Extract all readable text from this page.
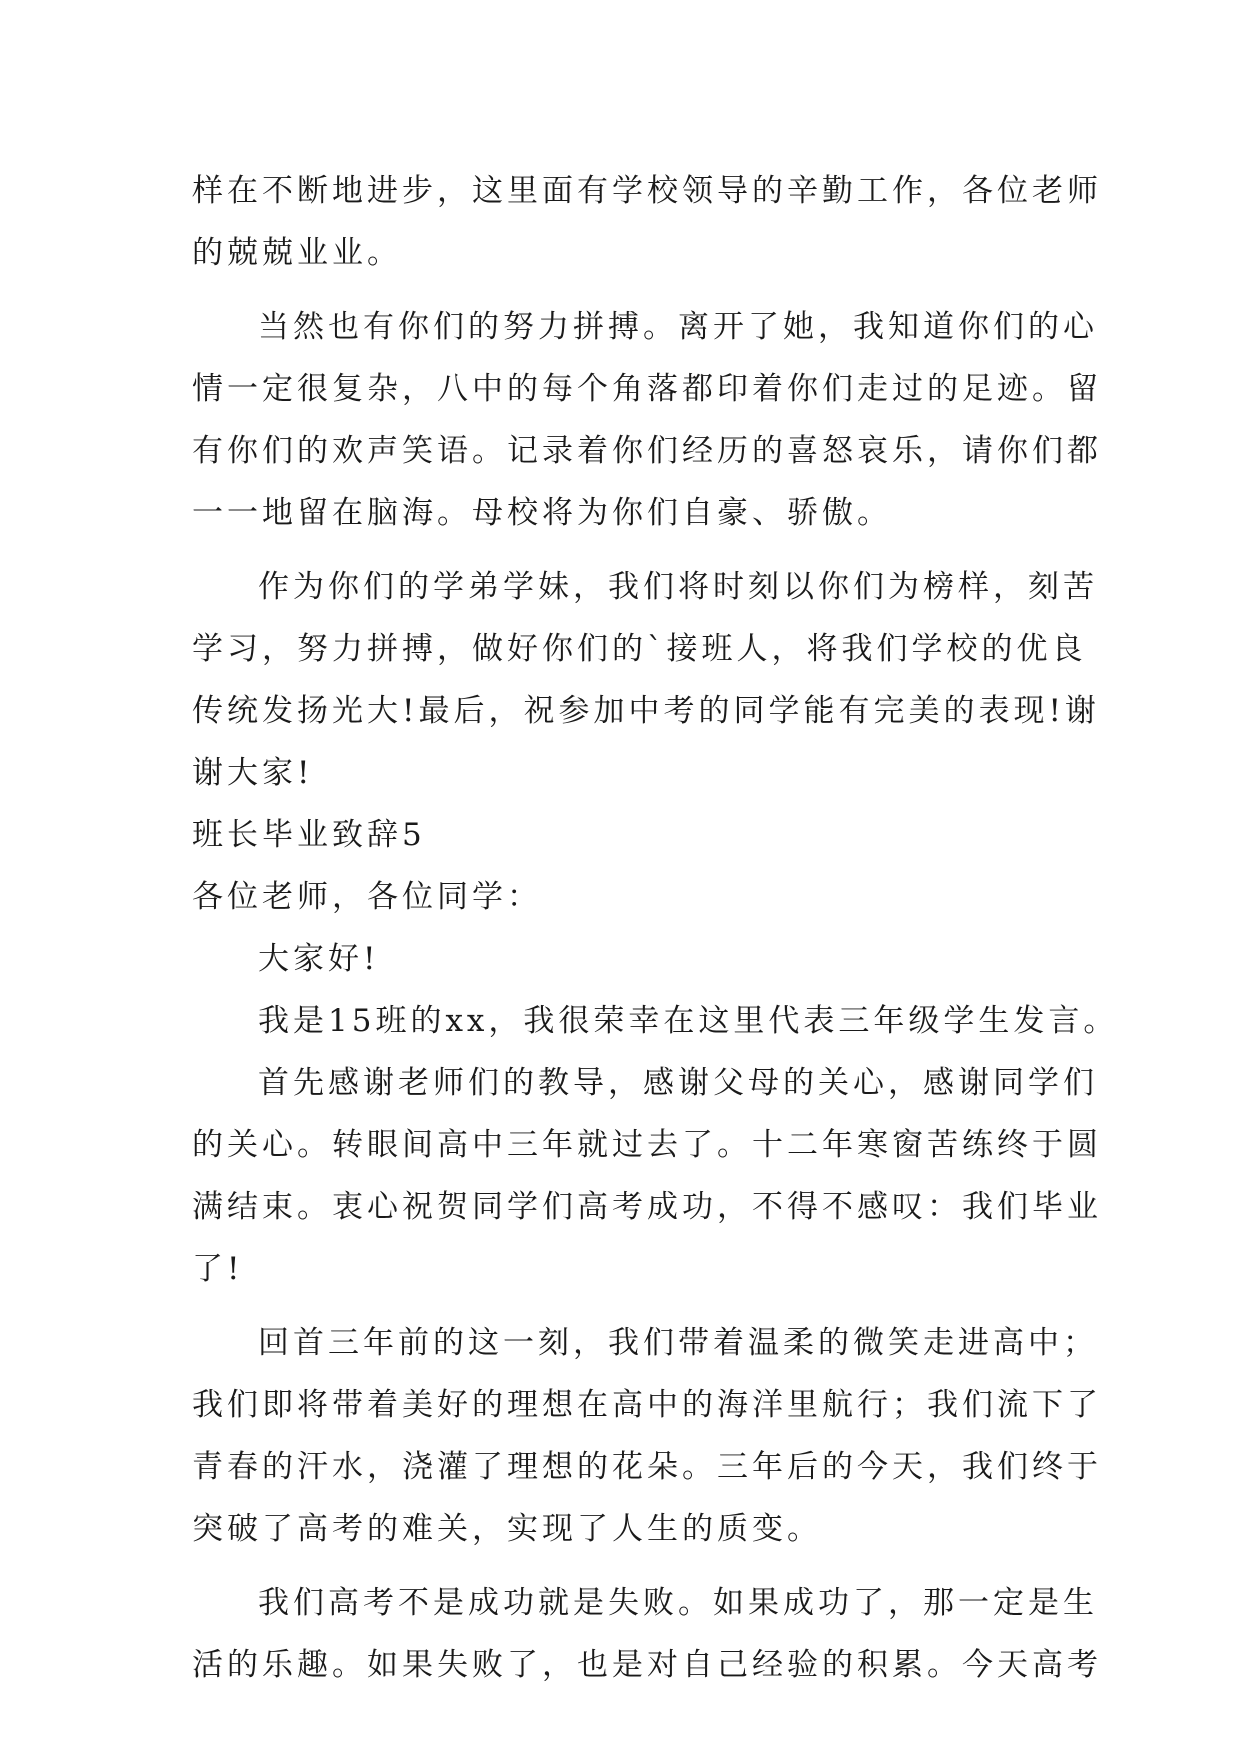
样在不断地进步，这里面有学校领导的辛勤工作，各位老师
的兢兢业业。
当然也有你们的努力拼搏。离开了她，我知道你们的心
情一定很复杂，八中的每个角落都印着你们走过的足迹。留
有你们的欢声笑语。记录着你们经历的喜怒哀乐，请你们都
一一地留在脑海。母校将为你们自豪、骄傲。
作为你们的学弟学妹，我们将时刻以你们为榜样，刻苦
学习，努力拼搏，做好你们的`接班人，将我们学校的优良
传统发扬光大!最后，祝参加中考的同学能有完美的表现!谢
谢大家!
班长毕业致辞5
各位老师，各位同学：
大家好!
我是15班的xx，我很荣幸在这里代表三年级学生发言。
首先感谢老师们的教导，感谢父母的关心，感谢同学们
的关心。转眼间高中三年就过去了。十二年寒窗苦练终于圆
满结束。衷心祝贺同学们高考成功，不得不感叹：我们毕业
了!
回首三年前的这一刻，我们带着温柔的微笑走进高中；
我们即将带着美好的理想在高中的海洋里航行；我们流下了
青春的汗水，浇灌了理想的花朵。三年后的今天，我们终于
突破了高考的难关，实现了人生的质变。
我们高考不是成功就是失败。如果成功了，那一定是生
活的乐趣。如果失败了，也是对自己经验的积累。今天高考
